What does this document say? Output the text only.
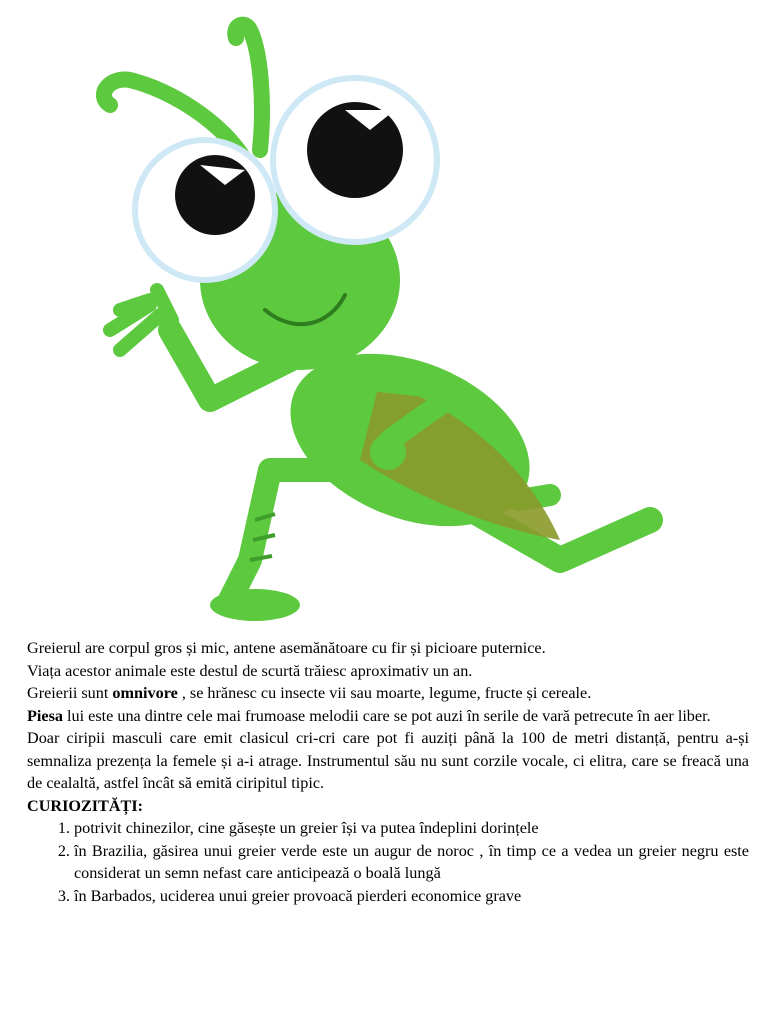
Greierul are corpul gros și mic, antene asemănătoare cu fir și picioare puternice.

Viața acestor animale este destul de scurtă trăiesc aproximativ un an.

Greierii sunt omnivore , se hrănesc cu insecte vii sau moarte, legume, fructe și cereale.

Piesa lui este una dintre cele mai frumoase melodii care se pot auzi în serile de vară petrecute în aer liber.

Doar ciripii masculi care emit clasicul cri-cri care pot fi auziți până la 100 de metri distanță, pentru a-și semnaliza prezența la femele și a-i atrage. Instrumentul său nu sunt corzile vocale, ci elitra, care se freacă una de cealaltă, astfel încât să emită ciripitul tipic.

CURIOZITĂȚI:

1. potrivit chinezilor, cine găsește un greier își va putea îndeplini dorințele
2. în Brazilia, găsirea unui greier verde este un augur de noroc , în timp ce a vedea un greier negru este considerat un semn nefast care anticipează o boală lungă
3. în Barbados, uciderea unui greier provoacă pierderi economice grave
